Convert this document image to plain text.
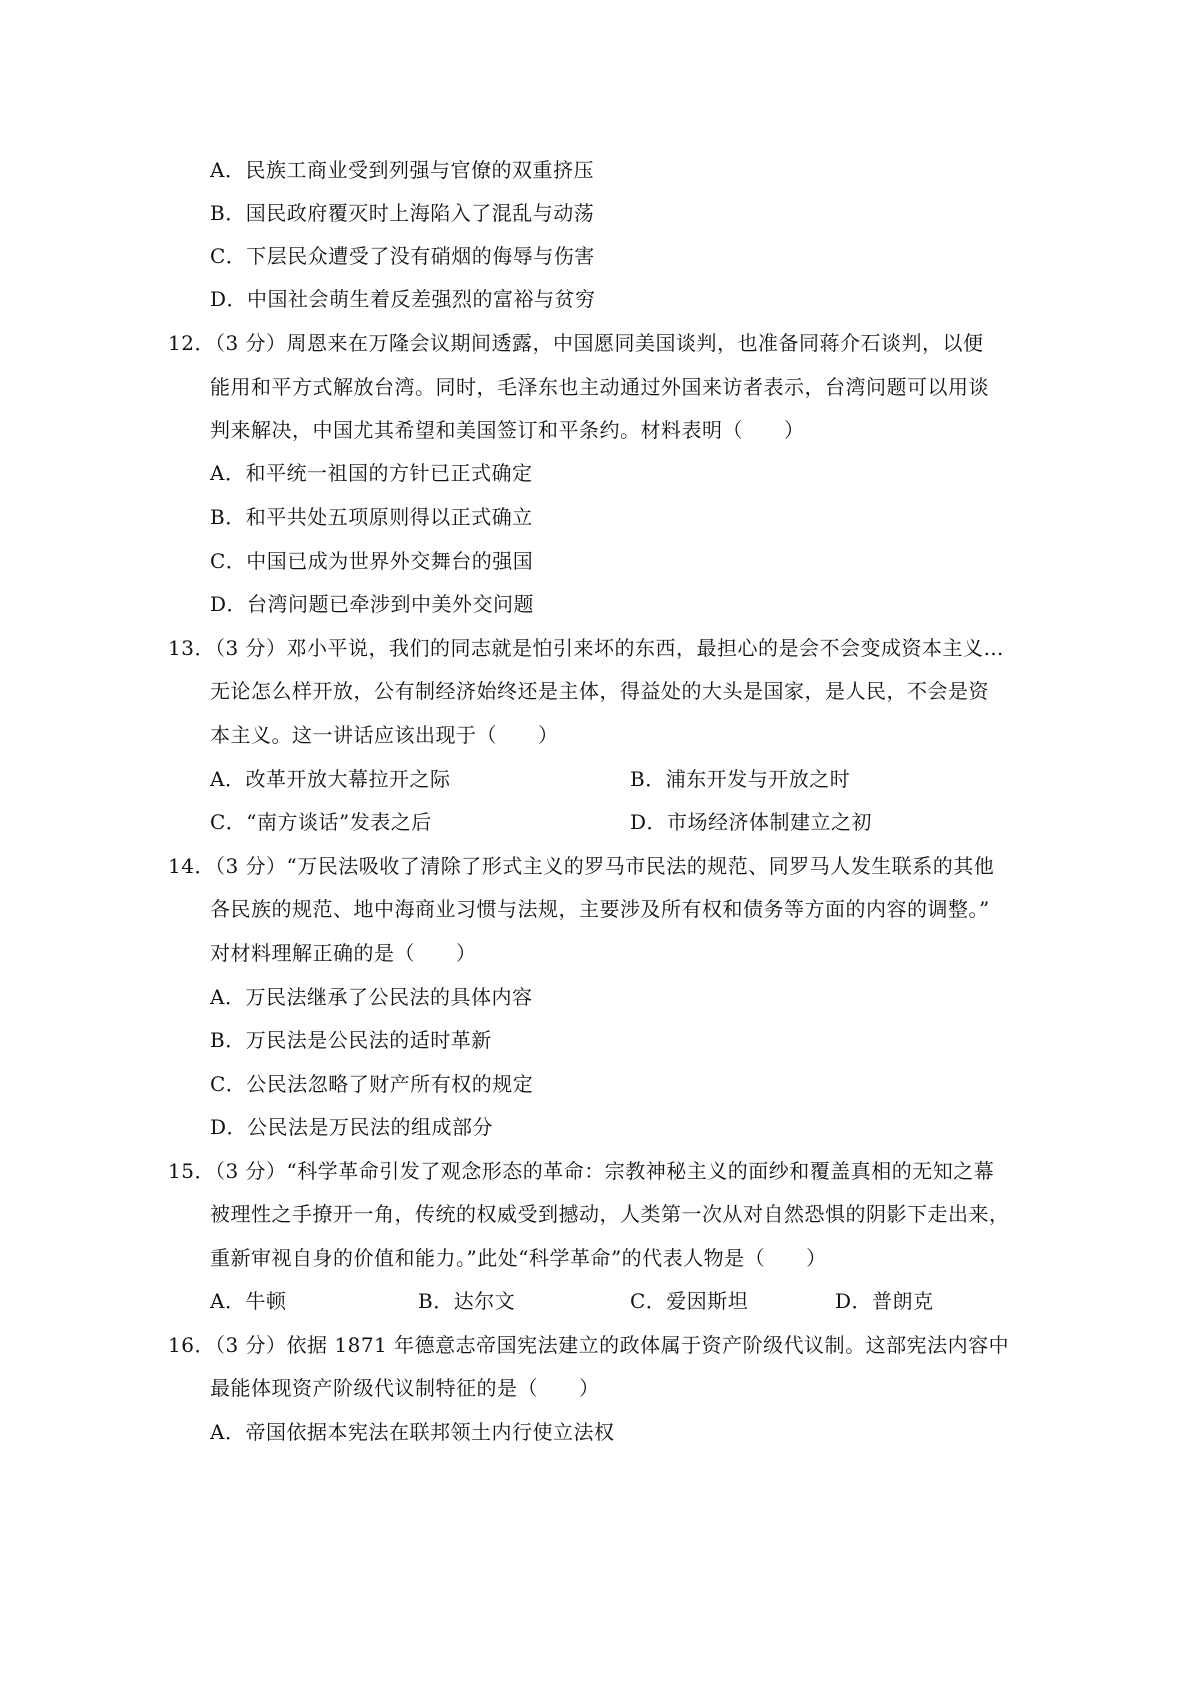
A．民族工商业受到列强与官僚的双重挤压
B．国民政府覆灭时上海陷入了混乱与动荡
C．下层民众遭受了没有硝烟的侮辱与伤害
D．中国社会萌生着反差强烈的富裕与贫穷
12．（3 分）周恩来在万隆会议期间透露，中国愿同美国谈判，也准备同蒋介石谈判，以便
能用和平方式解放台湾。同时，毛泽东也主动通过外国来访者表示，台湾问题可以用谈
判来解决，中国尤其希望和美国签订和平条约。材料表明（　　）
A．和平统一祖国的方针已正式确定
B．和平共处五项原则得以正式确立
C．中国已成为世界外交舞台的强国
D．台湾问题已牵涉到中美外交问题
13．（3 分）邓小平说，我们的同志就是怕引来坏的东西，最担心的是会不会变成资本主义…
无论怎么样开放，公有制经济始终还是主体，得益处的大头是国家，是人民，不会是资
本主义。这一讲话应该出现于（　　）
A．改革开放大幕拉开之际	B．浦东开发与开放之时
C．“南方谈话”发表之后	D．市场经济体制建立之初
14．（3 分）“万民法吸收了清除了形式主义的罗马市民法的规范、同罗马人发生联系的其他
各民族的规范、地中海商业习惯与法规，主要涉及所有权和债务等方面的内容的调整。”
对材料理解正确的是（　　）
A．万民法继承了公民法的具体内容
B．万民法是公民法的适时革新
C．公民法忽略了财产所有权的规定
D．公民法是万民法的组成部分
15．（3 分）“科学革命引发了观念形态的革命：宗教神秘主义的面纱和覆盖真相的无知之幕
被理性之手撩开一角，传统的权威受到撼动，人类第一次从对自然恐惧的阴影下走出来，
重新审视自身的价值和能力。”此处“科学革命”的代表人物是（　　）
A．牛顿	B．达尔文	C．爱因斯坦	D．普朗克
16．（3 分）依据 1871 年德意志帝国宪法建立的政体属于资产阶级代议制。这部宪法内容中
最能体现资产阶级代议制特征的是（　　）
A．帝国依据本宪法在联邦领土内行使立法权
